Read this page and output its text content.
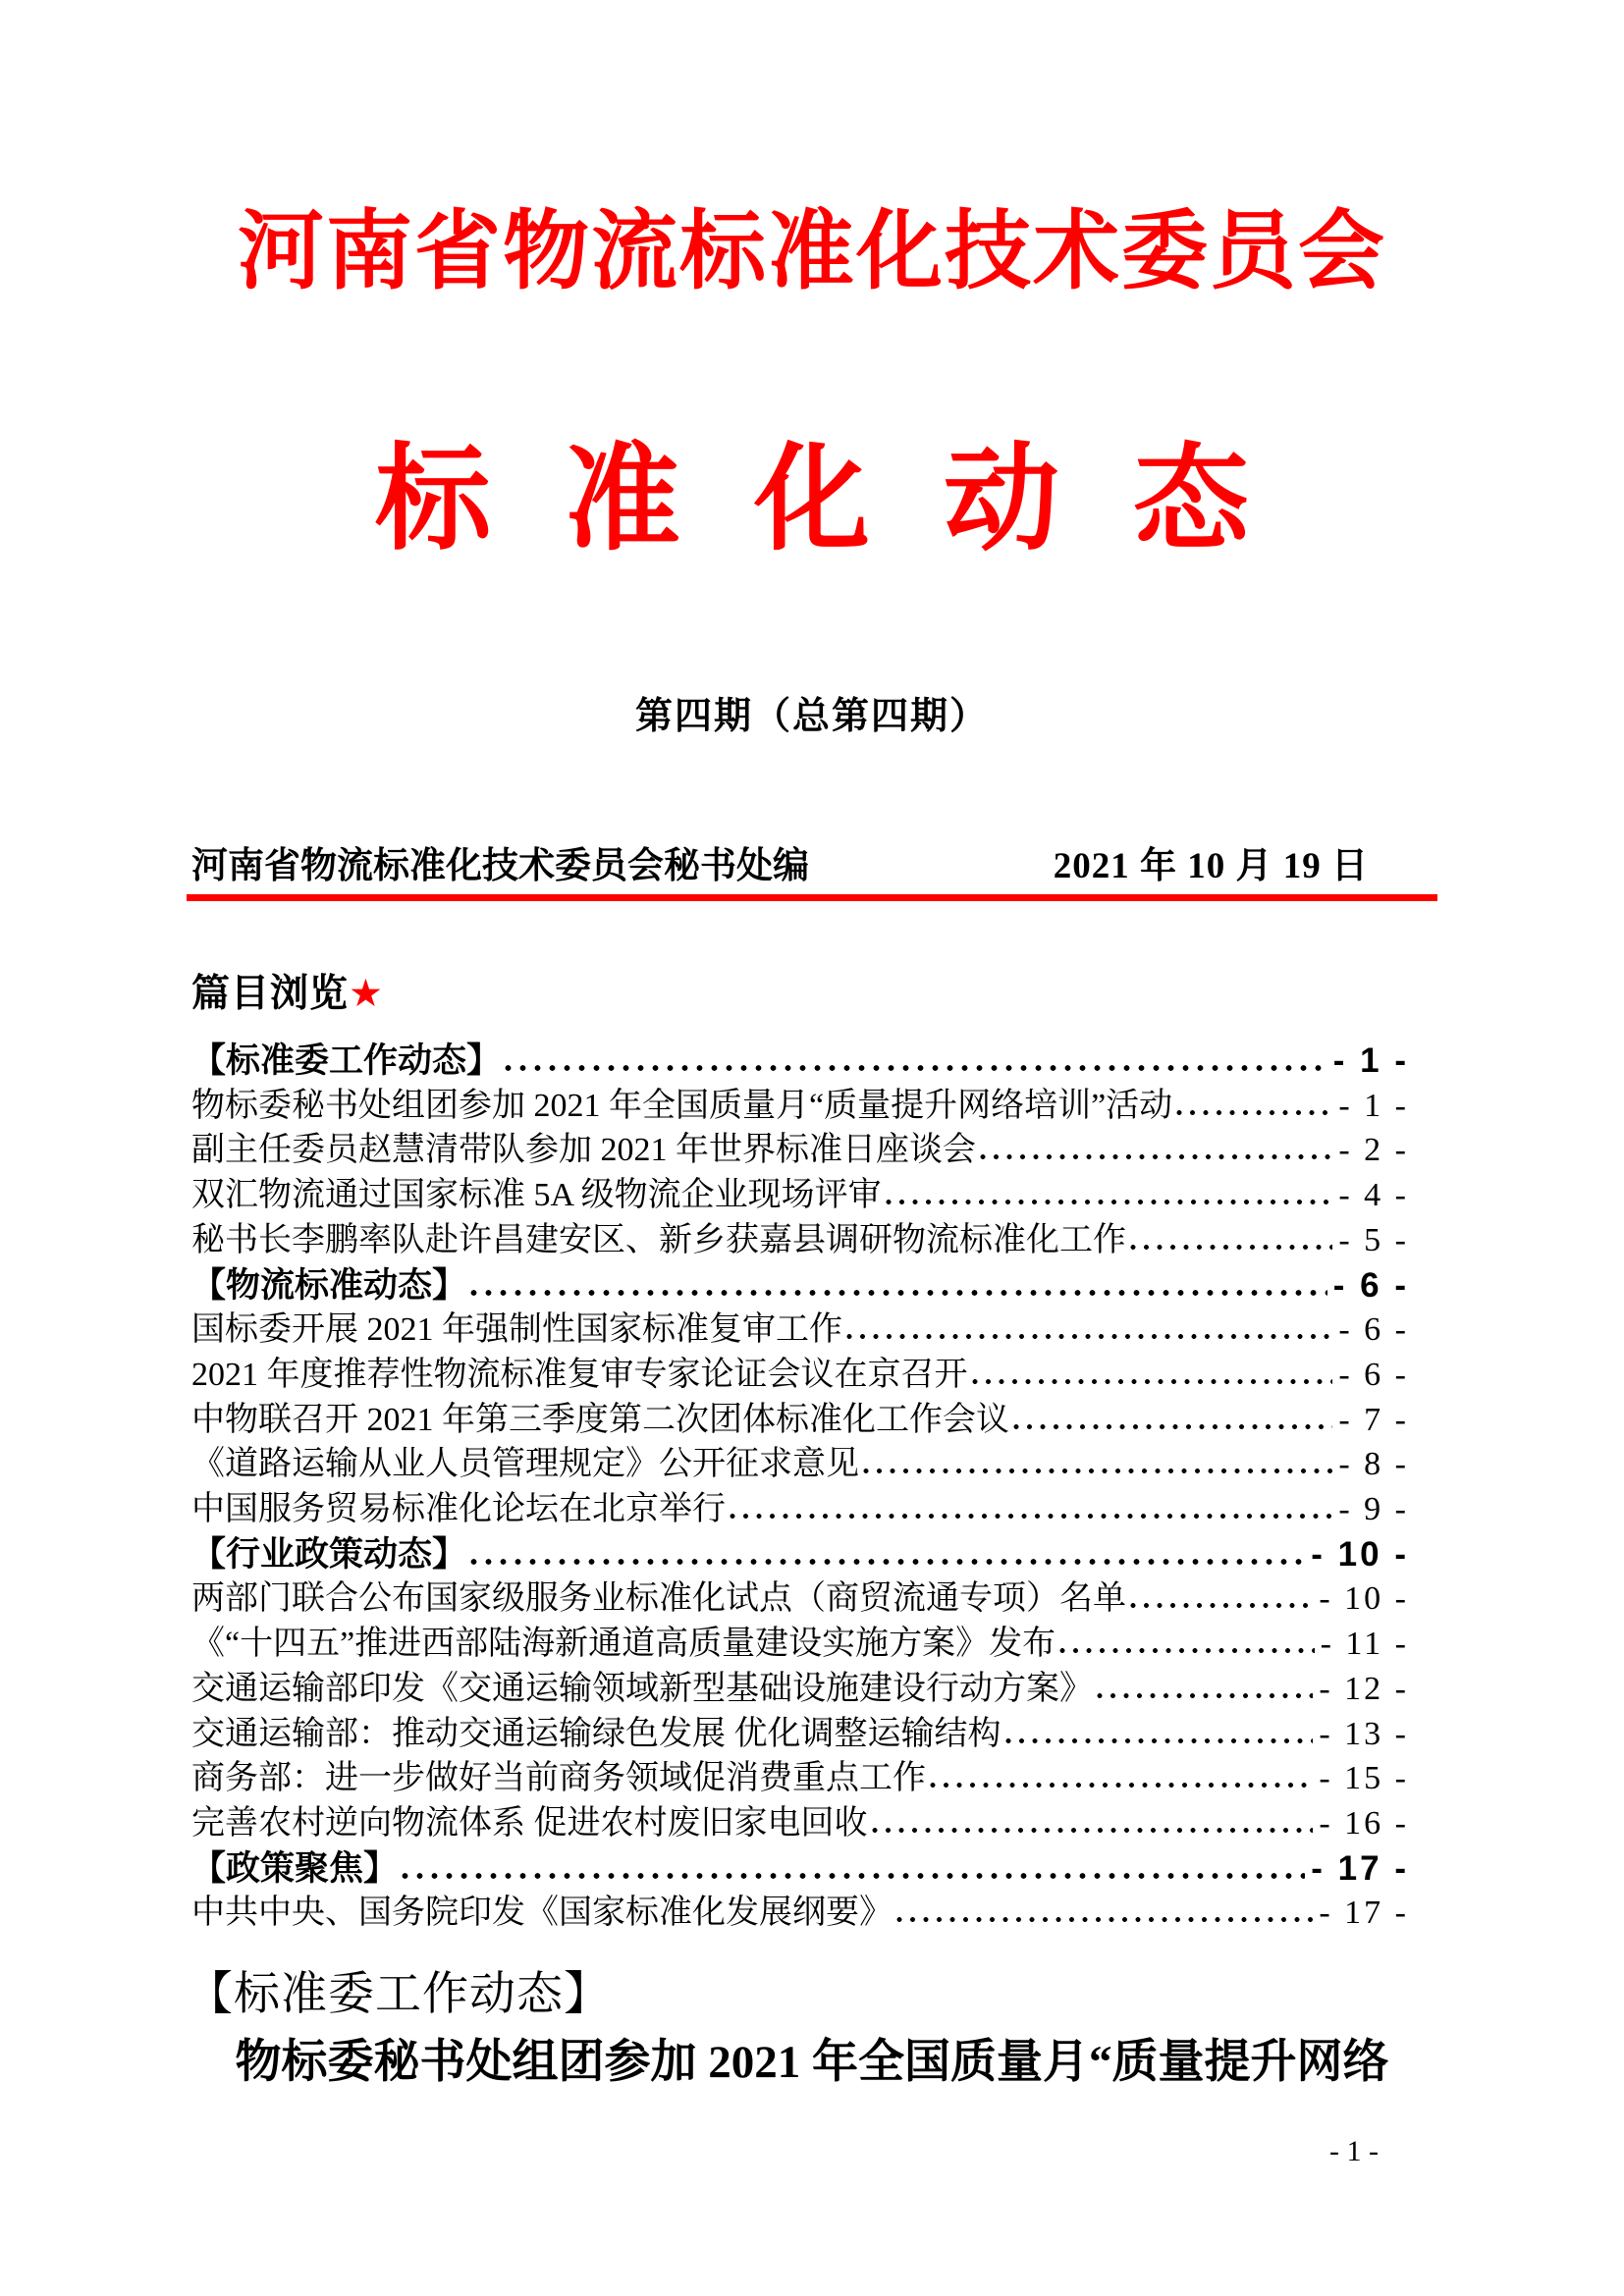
河南省物流标准化技术委员会
标准化动态
第四期（总第四期）
河南省物流标准化技术委员会秘书处编	2021 年 10 月 19 日
篇目浏览★
【标准委工作动态】	- 1 -
物标委秘书处组团参加 2021 年全国质量月“质量提升网络培训”活动	- 1 -
副主任委员赵慧清带队参加 2021 年世界标准日座谈会	- 2 -
双汇物流通过国家标准 5A 级物流企业现场评审	- 4 -
秘书长李鹏率队赴许昌建安区、新乡获嘉县调研物流标准化工作	- 5 -
【物流标准动态】	- 6 -
国标委开展 2021 年强制性国家标准复审工作	- 6 -
2021 年度推荐性物流标准复审专家论证会议在京召开	- 6 -
中物联召开 2021 年第三季度第二次团体标准化工作会议	- 7 -
《道路运输从业人员管理规定》公开征求意见	- 8 -
中国服务贸易标准化论坛在北京举行	- 9 -
【行业政策动态】	- 10 -
两部门联合公布国家级服务业标准化试点（商贸流通专项）名单	- 10 -
《“十四五”推进西部陆海新通道高质量建设实施方案》发布	- 11 -
交通运输部印发《交通运输领域新型基础设施建设行动方案》	- 12 -
交通运输部：推动交通运输绿色发展 优化调整运输结构	- 13 -
商务部：进一步做好当前商务领域促消费重点工作	- 15 -
完善农村逆向物流体系 促进农村废旧家电回收	- 16 -
【政策聚焦】	- 17 -
中共中央、国务院印发《国家标准化发展纲要》	- 17 -
【标准委工作动态】
物标委秘书处组团参加 2021 年全国质量月“质量提升网络
- 1 -
